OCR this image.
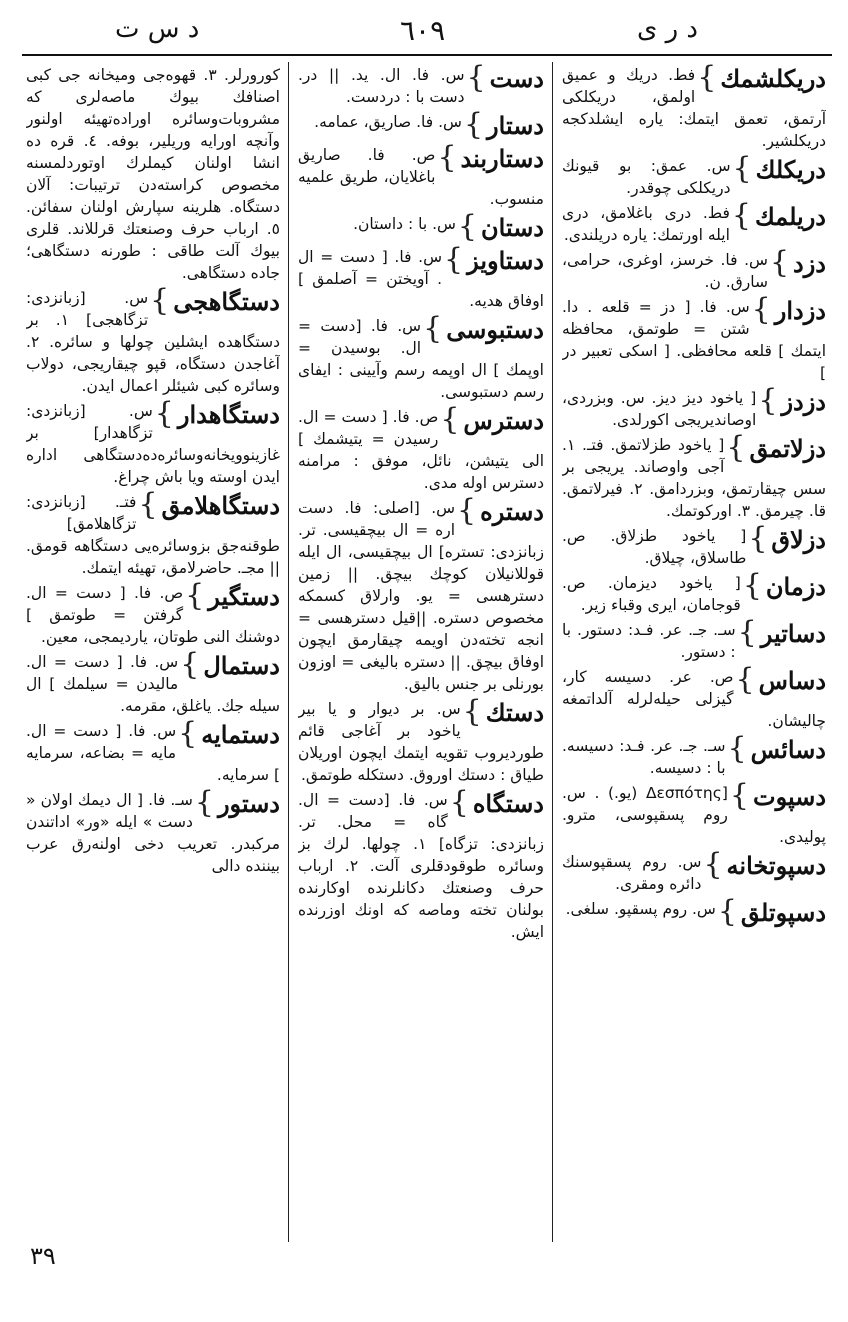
د ر ی
٦٠٩
د س ت
دریکلشمك
}
فط. دریك و عمیق اولمق، دریکلکی آرتمق، تعمق ایتمك: یاره ایشلدکجه دریکلشیر.
دریکلك
}
س. عمق: بو قیونك دریکلکی چوقدر.
دریلمك
}
فط. دری باغلامق، دری ایله اورتمك: یاره دریلندی.
دزد
}
س. فا. خرسز، اوغری، حرامی، سارق. ن.
دزدار
}
س. فا. [ دز = قلعه . دا. شتن = طوتمق، محافظه ایتمك ] قلعه محافظی. [ اسکی تعبیر در ]
دزدز
}
[ یاخود دیز دیز. س. وبزردی، اوصاندیریجی اکورلدی.
دزلاتمق
}
[ یاخود طزلاتمق. فتـ. ١. آجی واوصاند. یریجی بر سس چیقارتمق، وبزردامق. ٢. فیرلاتمق. قا. چیرمق. ٣. اورکوتمك.
دزلاق
}
[ یاخود طزلاق. ص. طاسلاق، چیلاق.
دزمان
}
[ یاخود دیزمان. ص. قوجامان، ایری وقباء زیر.
دساتیر
}
سـ. جـ. عر. فـد: دستور. با : دستور.
دساس
}
ص. عر. دسیسه کار، گیزلی حیله‌لرله آلداتمغه چالیشان.
دسائس
}
سـ. جـ. عر. فـد: دسیسه. با : دسیسه.
دسپوت
}
[Δεσπότης (یو.) . س. روم پسقپوسی، مترو. پولیدی.
دسپوتخانه
}
س. روم پسقپوسنك دائره ومقری.
دسپوتلق
}
س. روم پسقپو. سلغی.
دست
}
س. فا. ال. ید. || در. دست با : دردست.
دستار
}
س. فا. صاریق، عمامه.
دستاربند
}
ص. فا. صاریق باغلایان، طریق علمیه منسوب.
دستان
}
س. با : داستان.
دستاویز
}
س. فا. [ دست = ال . آویختن = آصلمق ] اوفاق هدیه.
دستبوسی
}
س. فا. [دست = ال. بوسیدن = اوپمك ] ال اوپمه رسم وآیینی : ایفای رسم دستبوسی.
دسترس
}
ص. فا. [ دست = ال. رسیدن = یتیشمك ] الی یتیشن، نائل، موفق : مرامنه دسترس اوله مدی.
دستره
}
س. [اصلی: فا. دست اره = ال بیچقیسی. تر. زبانزدی: تستره] ال بیچقیسی، ال ایله قوللانیلان کوچك بیچق. || زمین دسترهسی = یو. وارلاق کسمکه مخصوص دستره. ||قیل دسترهسی = انجه تخته‌دن اویمه چیقارمق ایچون اوفاق بیچق. || دستره بالیغی = اوزون بورنلی بر جنس بالیق.
دستك
}
س. بر دیوار و یا بیر یاخود بر آغاجی قائم طوردیروب تقویه ایتمك ایچون اوریلان طیاق : دستك اوروق. دستکله طوتمق.
دستگاه
}
س. فا. [دست = ال. گاه = محل. تر. زبانزدی: تزگاه] ١. چولها. لرك بز وسائره طوقودقلری آلت. ٢. ارباب حرف وصنعتك دکانلرنده اوکارنده بولنان تخته وماصه که اونك اوزرنده ایش.
کورورلر. ٣. قهوه‌جی ومیخانه جی کبی اصنافك بیوك ماصه‌لری که مشروبات‌وسائره اوراده‌تهیئه اولنور وآنچه اورایه وریلیر، بوفه. ٤. قره ده انشا اولنان کیملرك اوتوردلمسنه مخصوص کراسته‌دن ترتیبات: آلان دستگاه. هلرینه سپارش اولنان سفائن. ٥. ارباب حرف وصنعتك قرللاند. قلری بیوك آلت طاقی : طورنه دستگاهی؛ جاده دستگاهی.
دستگاهجی
}
س. [زبانزدی: تزگاهجی] ١. بر دستگاهده ایشلین چولها و سائره. ٢. آغاجدن دستگاه، قپو چیقاریجی، دولاب وسائره کبی شیئلر اعمال ایدن.
دستگاهدار
}
س. [زبانزدی: تزگاهدار] بر غازینوویخانه‌وسائره‌ده‌دستگاهی اداره ایدن اوسته ویا باش چراغ.
دستگاهلامق
}
فتـ. [زبانزدی: تزگاهلامق] طوقنه‌جق بزوسائره‌یی دستگاهه قومق. || مجـ. حاضرلامق، تهیئه ایتمك.
دستگیر
}
ص. فا. [ دست = ال. گرفتن = طوتمق ] دوشنك النی طوتان، یاردیمجی، معین.
دستمال
}
س. فا. [ دست = ال. مالیدن = سیلمك ] ال سیله جك. یاغلق، مقرمه.
دستمایه
}
س. فا. [ دست = ال. مایه = بضاعه، سرمایه ] سرمایه.
دستور
}
سـ. فا. [ ال دیمك اولان « دست » ایله «ور» اداتندن مرکبدر. تعریب دخی اولنه‌رق عرب بیننده دالی
٣٩
